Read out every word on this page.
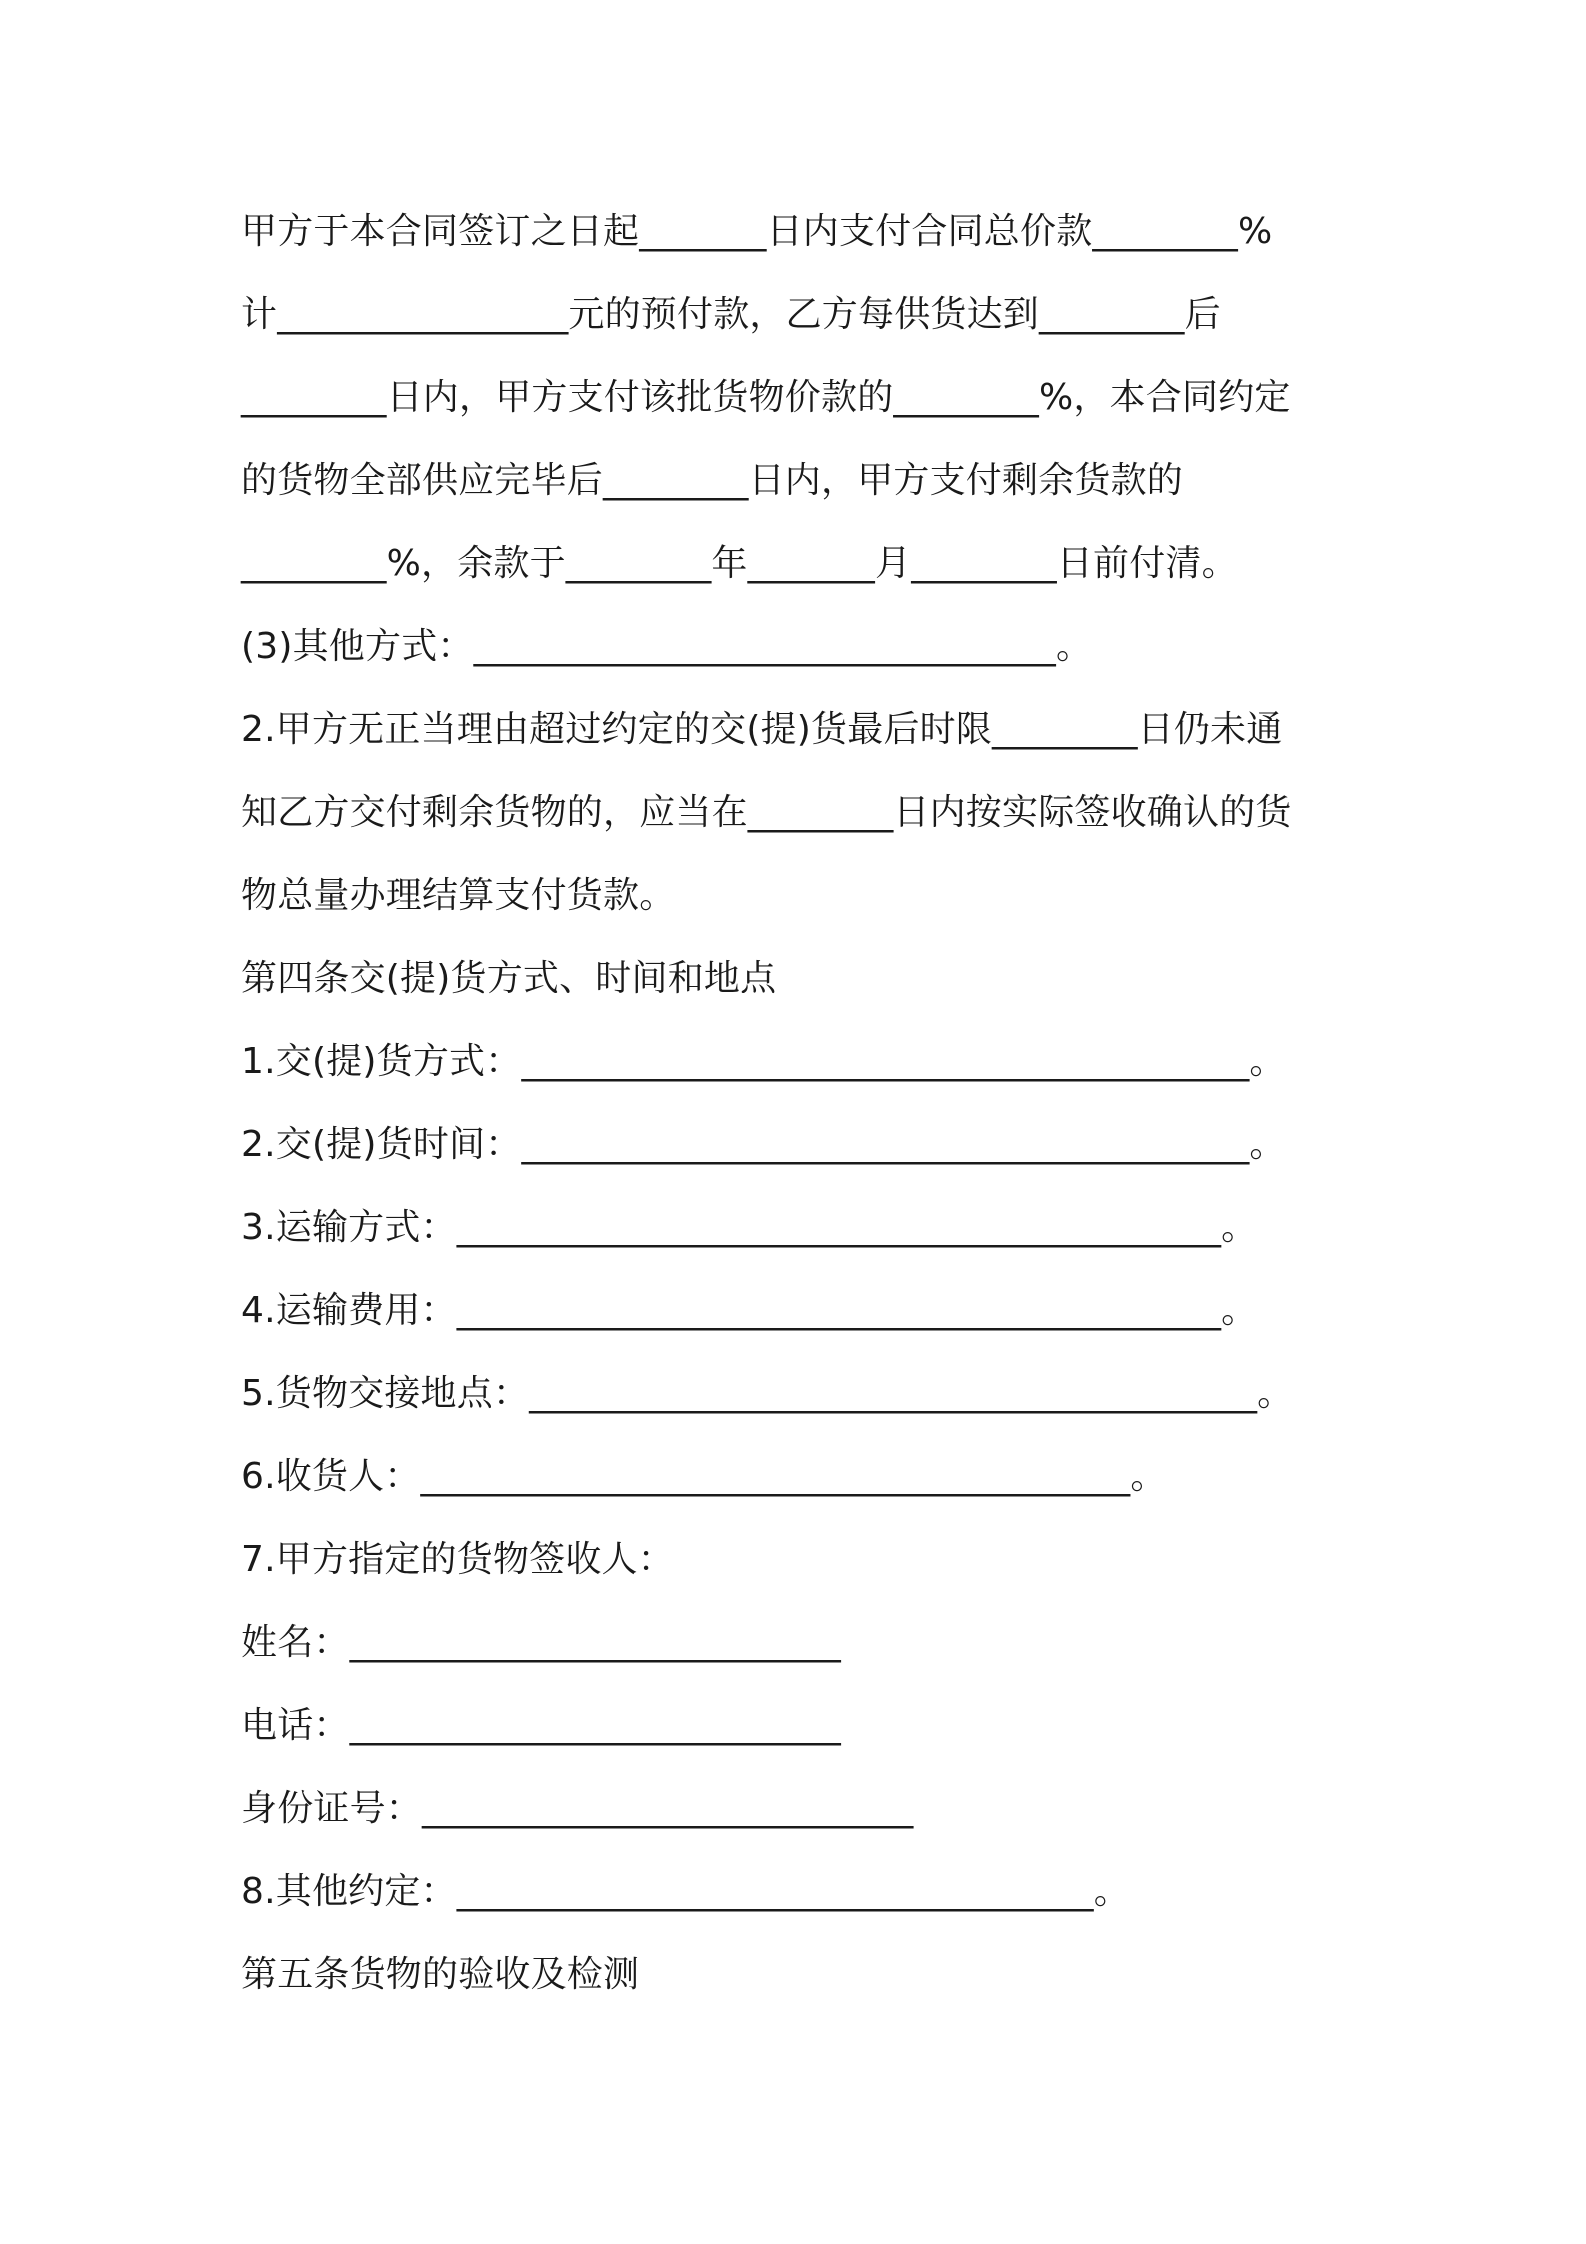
甲方于本合同签订之日起_______日内支付合同总价款________%
计________________元的预付款，乙方每供货达到________后
________日内，甲方支付该批货物价款的________%，本合同约定
的货物全部供应完毕后________日内，甲方支付剩余货款的
________%，余款于________年_______月________日前付清。
(3)其他方式：________________________________。
2.甲方无正当理由超过约定的交(提)货最后时限________日仍未通
知乙方交付剩余货物的，应当在________日内按实际签收确认的货
物总量办理结算支付货款。
第四条交(提)货方式、时间和地点
1.交(提)货方式：________________________________________。
2.交(提)货时间：________________________________________。
3.运输方式：__________________________________________。
4.运输费用：__________________________________________。
5.货物交接地点：________________________________________。
6.收货人：_______________________________________。
7.甲方指定的货物签收人：
姓名：___________________________
电话：___________________________
身份证号：___________________________
8.其他约定：___________________________________。
第五条货物的验收及检测
